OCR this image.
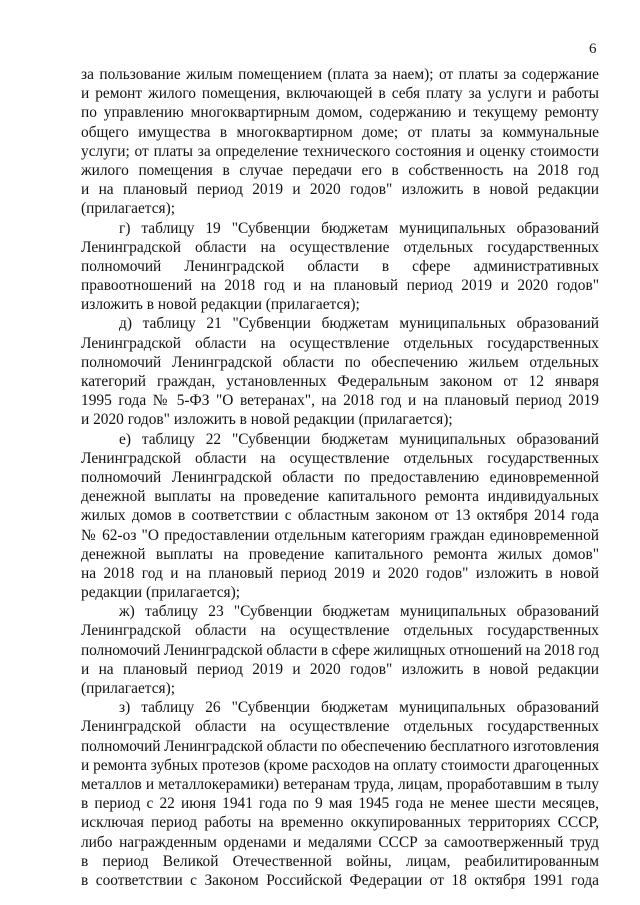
6
за пользование жилым помещением (плата за наем); от платы за содержание
и ремонт жилого помещения, включающей в себя плату за услуги и работы
по управлению многоквартирным домом, содержанию и текущему ремонту
общего имущества в многоквартирном доме; от платы за коммунальные
услуги; от платы за определение технического состояния и оценку стоимости
жилого помещения в случае передачи его в собственность на 2018 год
и на плановый период 2019 и 2020 годов" изложить в новой редакции
(прилагается);
г) таблицу 19 "Субвенции бюджетам муниципальных образований
Ленинградской области на осуществление отдельных государственных
полномочий Ленинградской области в сфере административных
правоотношений на 2018 год и на плановый период 2019 и 2020 годов"
изложить в новой редакции (прилагается);
д) таблицу 21 "Субвенции бюджетам муниципальных образований
Ленинградской области на осуществление отдельных государственных
полномочий Ленинградской области по обеспечению жильем отдельных
категорий граждан, установленных Федеральным законом от 12 января
1995 года № 5-ФЗ "О ветеранах", на 2018 год и на плановый период 2019
и 2020 годов" изложить в новой редакции (прилагается);
е) таблицу 22 "Субвенции бюджетам муниципальных образований
Ленинградской области на осуществление отдельных государственных
полномочий Ленинградской области по предоставлению единовременной
денежной выплаты на проведение капитального ремонта индивидуальных
жилых домов в соответствии с областным законом от 13 октября 2014 года
№ 62-оз "О предоставлении отдельным категориям граждан единовременной
денежной выплаты на проведение капитального ремонта жилых домов"
на 2018 год и на плановый период 2019 и 2020 годов" изложить в новой
редакции (прилагается);
ж) таблицу 23 "Субвенции бюджетам муниципальных образований
Ленинградской области на осуществление отдельных государственных
полномочий Ленинградской области в сфере жилищных отношений на 2018 год
и на плановый период 2019 и 2020 годов" изложить в новой редакции
(прилагается);
з) таблицу 26 "Субвенции бюджетам муниципальных образований
Ленинградской области на осуществление отдельных государственных
полномочий Ленинградской области по обеспечению бесплатного изготовления
и ремонта зубных протезов (кроме расходов на оплату стоимости драгоценных
металлов и металлокерамики) ветеранам труда, лицам, проработавшим в тылу
в период с 22 июня 1941 года по 9 мая 1945 года не менее шести месяцев,
исключая период работы на временно оккупированных территориях СССР,
либо награжденным орденами и медалями СССР за самоотверженный труд
в период Великой Отечественной войны, лицам, реабилитированным
в соответствии с Законом Российской Федерации от 18 октября 1991 года
